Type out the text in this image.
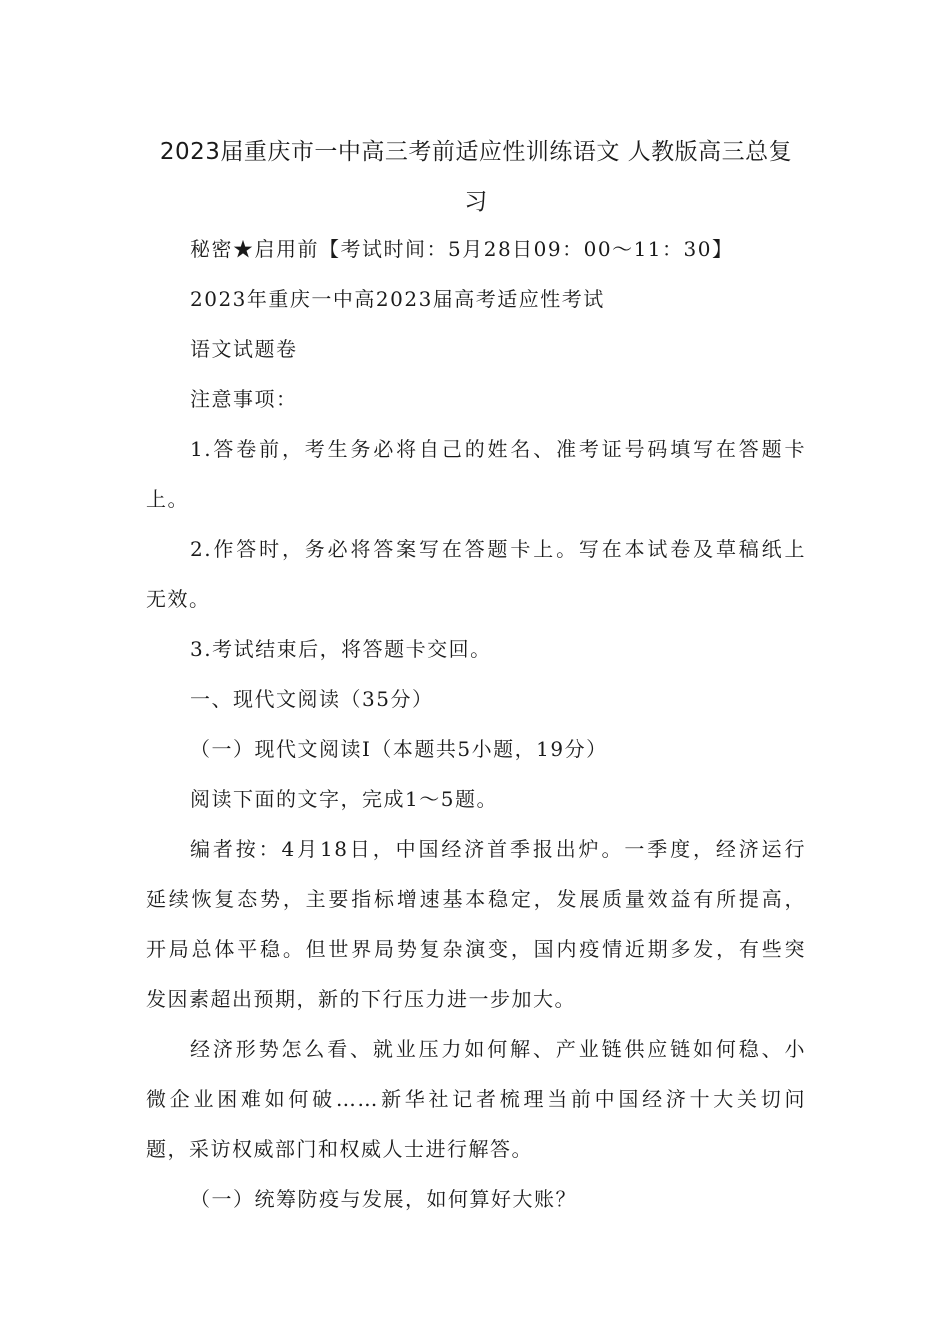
2023届重庆市一中高三考前适应性训练语文 人教版高三总复
习
秘密★启用前【考试时间：5月28日09：00～11：30】
2023年重庆一中高2023届高考适应性考试
语文试题卷
注意事项：
1.答卷前，考生务必将自己的姓名、准考证号码填写在答题卡
上。
2.作答时，务必将答案写在答题卡上。写在本试卷及草稿纸上
无效。
3.考试结束后，将答题卡交回。
一、现代文阅读（35分）
（一）现代文阅读Ⅰ（本题共5小题，19分）
阅读下面的文字，完成1～5题。
编者按：4月18日，中国经济首季报出炉。一季度，经济运行
延续恢复态势，主要指标增速基本稳定，发展质量效益有所提高，
开局总体平稳。但世界局势复杂演变，国内疫情近期多发，有些突
发因素超出预期，新的下行压力进一步加大。
经济形势怎么看、就业压力如何解、产业链供应链如何稳、小
微企业困难如何破……新华社记者梳理当前中国经济十大关切问
题，采访权威部门和权威人士进行解答。
（一）统筹防疫与发展，如何算好大账？
